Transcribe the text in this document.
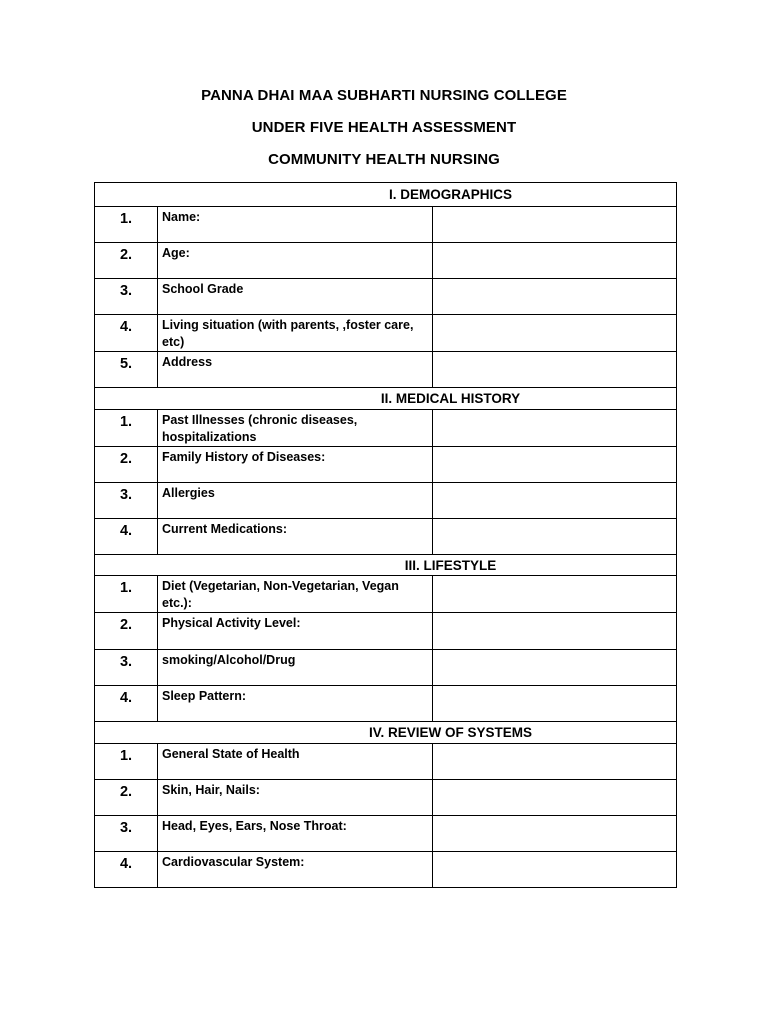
PANNA DHAI MAA SUBHARTI NURSING COLLEGE
UNDER FIVE HEALTH ASSESSMENT
COMMUNITY HEALTH NURSING
I. DEMOGRAPHICS		
1.	Name:	
2.	Age:	
3.	School Grade	
4.	Living situation (with parents, ,foster care, etc)	
5.	Address	
II. MEDICAL HISTORY		
1.	Past Illnesses (chronic diseases, hospitalizations	
2.	Family History of Diseases:	
3.	Allergies	
4.	Current Medications:	
III. LIFESTYLE		
1.	Diet (Vegetarian, Non-Vegetarian, Vegan etc.):	
2.	Physical Activity Level:	
3.	smoking/Alcohol/Drug	
4.	Sleep Pattern:	
IV. REVIEW OF SYSTEMS		
1.	General State of Health	
2.	Skin, Hair, Nails:	
3.	Head, Eyes, Ears, Nose Throat:	
4.	Cardiovascular System:	
